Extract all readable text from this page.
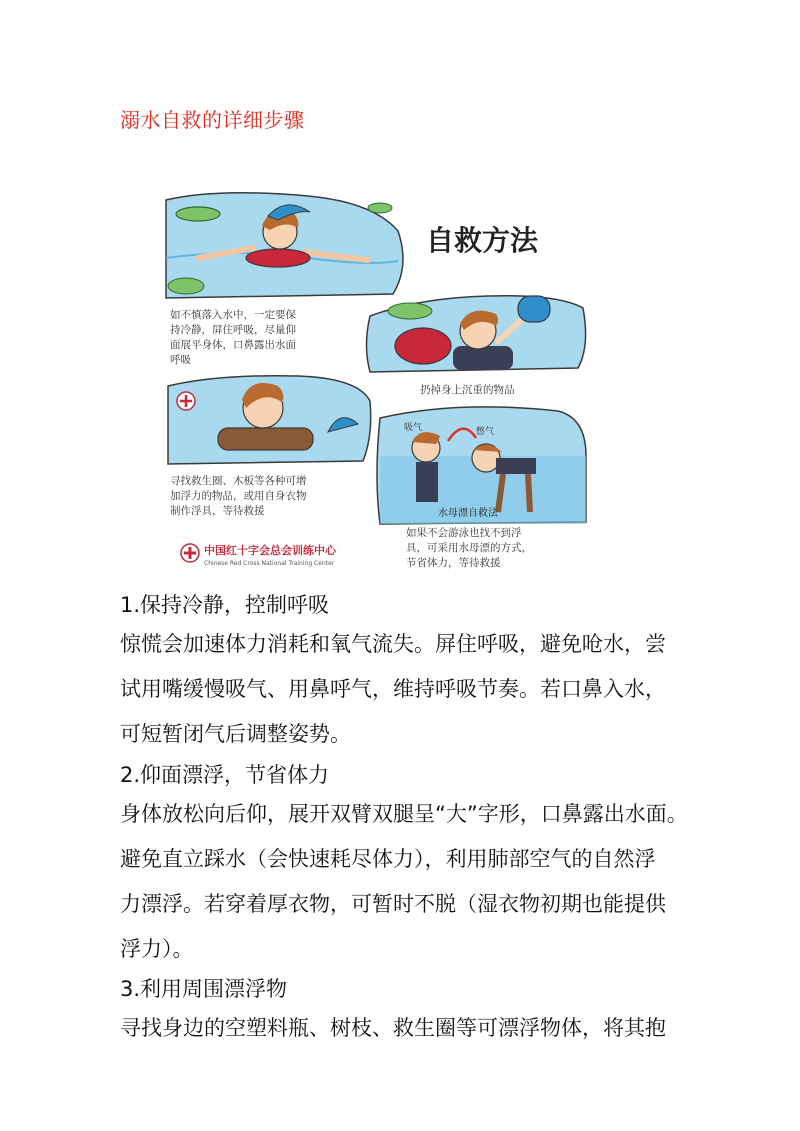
溺水自救的详细步骤
自救方法
如不慎落入水中，一定要保 持冷静，屏住呼吸，尽量仰 面展平身体，口鼻露出水面 呼吸
扔掉身上沉重的物品
寻找救生圈、木板等各种可增 加浮力的物品，或用自身衣物 制作浮具，等待救援
吸气	憋气
水母漂自救法
如果不会游泳也找不到浮 具，可采用水母漂的方式， 节省体力，等待救援
中国红十字会总会训练中心
Chinese Red Cross National Training Center
1.保持冷静，控制呼吸
惊慌会加速体力消耗和氧气流失。屏住呼吸，避免呛水，尝
试用嘴缓慢吸气、用鼻呼气，维持呼吸节奏。若口鼻入水，
可短暂闭气后调整姿势。
2.仰面漂浮，节省体力
身体放松向后仰，展开双臂双腿呈“大”字形，口鼻露出水面。
避免直立踩水（会快速耗尽体力），利用肺部空气的自然浮
力漂浮。若穿着厚衣物，可暂时不脱（湿衣物初期也能提供
浮力）。
3.利用周围漂浮物
寻找身边的空塑料瓶、树枝、救生圈等可漂浮物体，将其抱
